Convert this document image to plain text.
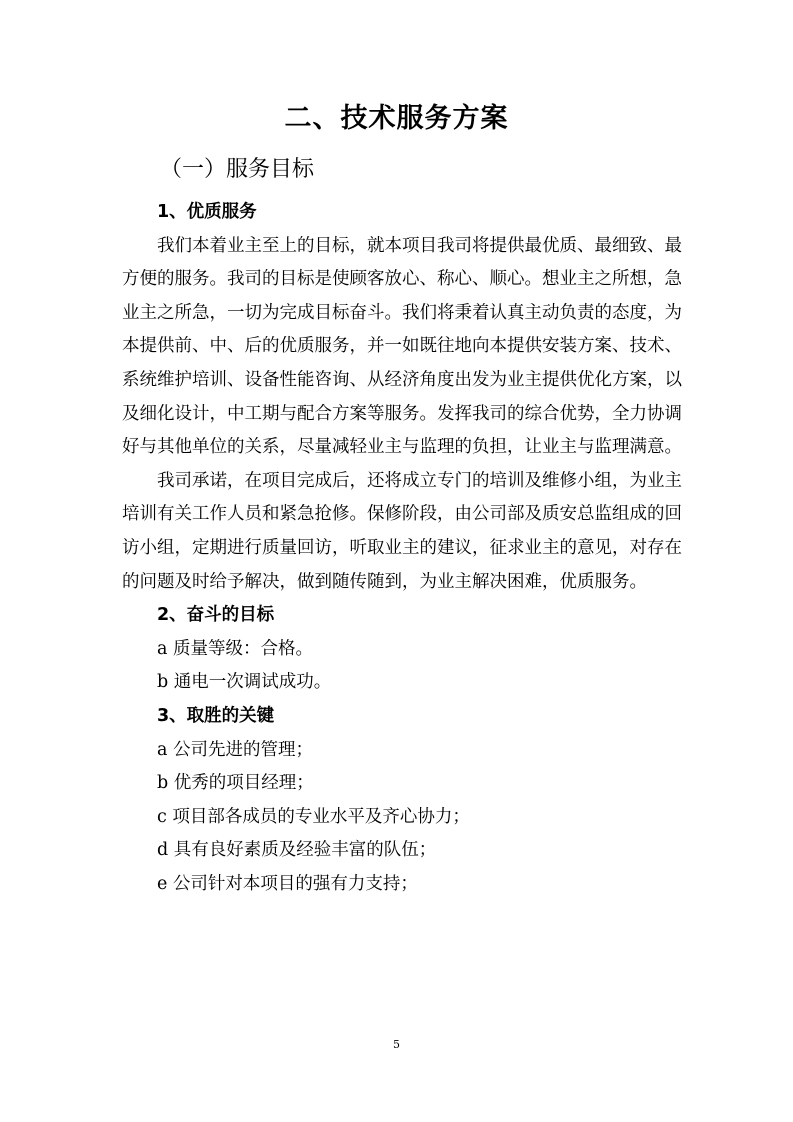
二、技术服务方案
（一）服务目标

1、优质服务

我们本着业主至上的目标，就本项目我司将提供最优质、最细致、最方便的服务。我司的目标是使顾客放心、称心、顺心。想业主之所想，急业主之所急，一切为完成目标奋斗。我们将秉着认真主动负责的态度，为本提供前、中、后的优质服务，并一如既往地向本提供安装方案、技术、系统维护培训、设备性能咨询、从经济角度出发为业主提供优化方案，以及细化设计，中工期与配合方案等服务。发挥我司的综合优势，全力协调好与其他单位的关系，尽量减轻业主与监理的负担，让业主与监理满意。

我司承诺，在项目完成后，还将成立专门的培训及维修小组，为业主培训有关工作人员和紧急抢修。保修阶段，由公司部及质安总监组成的回访小组，定期进行质量回访，听取业主的建议，征求业主的意见，对存在的问题及时给予解决，做到随传随到，为业主解决困难，优质服务。

2、奋斗的目标

a 质量等级：合格。

b 通电一次调试成功。

3、取胜的关键

a 公司先进的管理；

b 优秀的项目经理；

c 项目部各成员的专业水平及齐心协力；

d 具有良好素质及经验丰富的队伍；

e 公司针对本项目的强有力支持；

5
